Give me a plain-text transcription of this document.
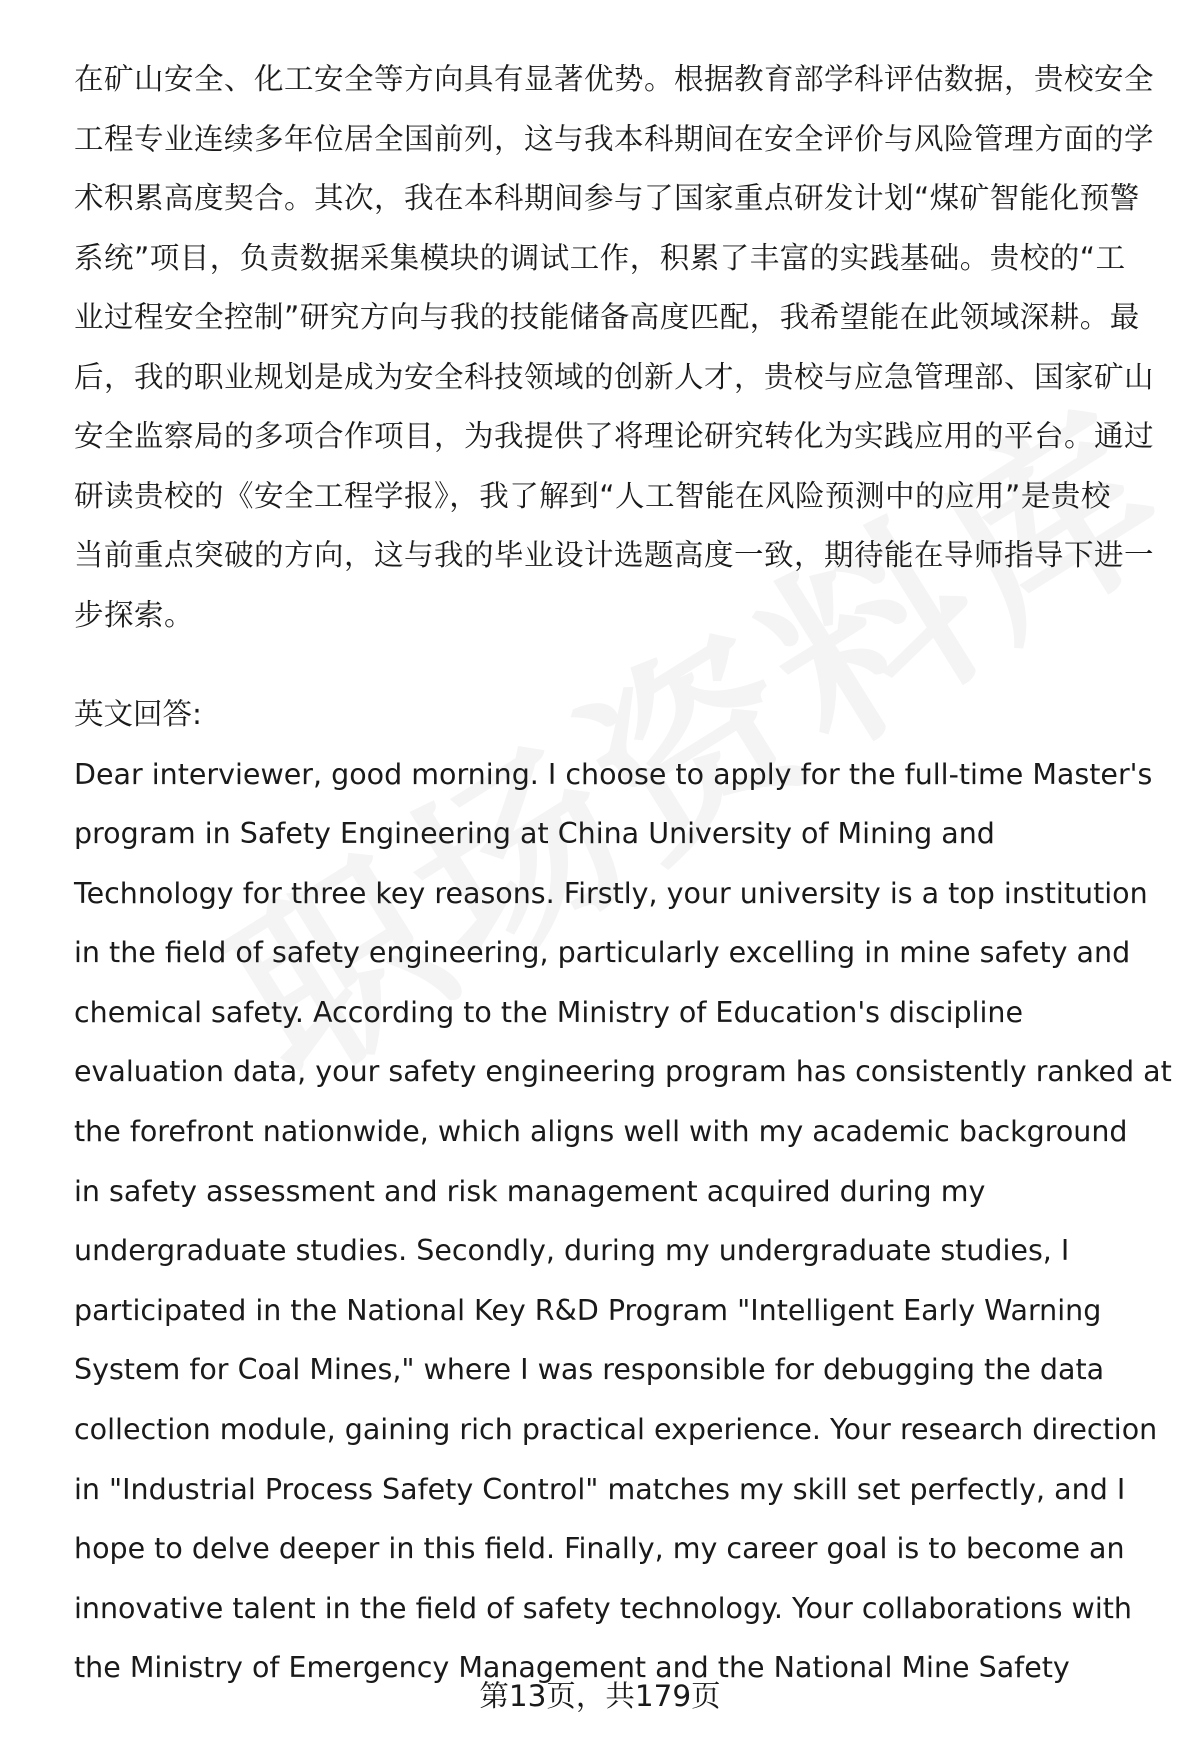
在矿山安全、化工安全等方向具有显著优势。根据教育部学科评估数据，贵校安全
工程专业连续多年位居全国前列，这与我本科期间在安全评价与风险管理方面的学
术积累高度契合。其次，我在本科期间参与了国家重点研发计划“煤矿智能化预警
系统”项目，负责数据采集模块的调试工作，积累了丰富的实践基础。贵校的“工
业过程安全控制”研究方向与我的技能储备高度匹配，我希望能在此领域深耕。最
后，我的职业规划是成为安全科技领域的创新人才，贵校与应急管理部、国家矿山
安全监察局的多项合作项目，为我提供了将理论研究转化为实践应用的平台。通过
研读贵校的《安全工程学报》，我了解到“人工智能在风险预测中的应用”是贵校
当前重点突破的方向，这与我的毕业设计选题高度一致，期待能在导师指导下进一
步探索。
英文回答:
Dear interviewer, good morning. I choose to apply for the full-time Master's
program in Safety Engineering at China University of Mining and
Technology for three key reasons. Firstly, your university is a top institution
in the field of safety engineering, particularly excelling in mine safety and
chemical safety. According to the Ministry of Education's discipline
evaluation data, your safety engineering program has consistently ranked at
the forefront nationwide, which aligns well with my academic background
in safety assessment and risk management acquired during my
undergraduate studies. Secondly, during my undergraduate studies, I
participated in the National Key R&D Program "Intelligent Early Warning
System for Coal Mines," where I was responsible for debugging the data
collection module, gaining rich practical experience. Your research direction
in "Industrial Process Safety Control" matches my skill set perfectly, and I
hope to delve deeper in this field. Finally, my career goal is to become an
innovative talent in the field of safety technology. Your collaborations with
the Ministry of Emergency Management and the National Mine Safety
第13页，共179页
